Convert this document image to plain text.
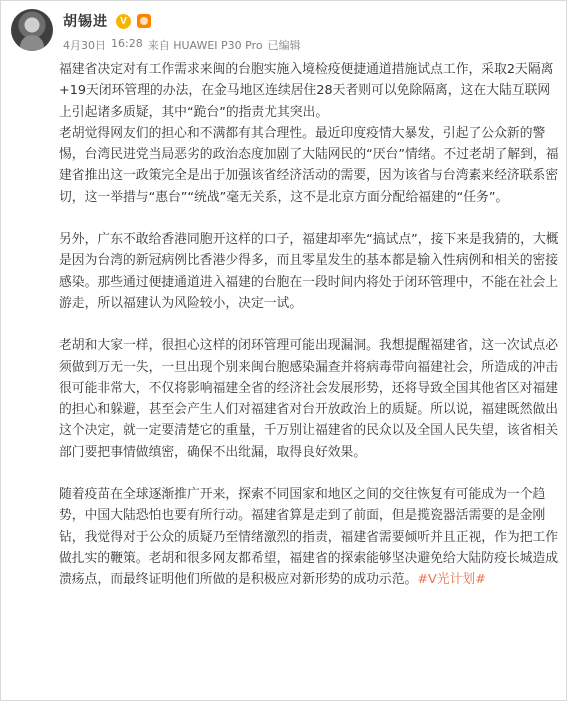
胡锡进	V
4月30日 16:28 来自 HUAWEI P30 Pro 已编辑

福建省决定对有工作需求来闽的台胞实施入境检疫便捷通道措施试点工作，采取2天隔离+19天闭环管理的办法，在金马地区连续居住28天者则可以免除隔离，这在大陆互联网上引起诸多质疑，其中“跪台”的指责尤其突出。

老胡觉得网友们的担心和不满都有其合理性。最近印度疫情大暴发，引起了公众新的警惕，台湾民进党当局恶劣的政治态度加剧了大陆网民的“厌台”情绪。不过老胡了解到，福建省推出这一政策完全是出于加强该省经济活动的需要，因为该省与台湾素来经济联系密切，这一举措与“惠台”“统战”毫无关系，这不是北京方面分配给福建的“任务”。

另外，广东不敢给香港同胞开这样的口子，福建却率先“搞试点”，接下来是我猜的，大概是因为台湾的新冠病例比香港少得多，而且零星发生的基本都是输入性病例和相关的密接感染。那些通过便捷通道进入福建的台胞在一段时间内将处于闭环管理中，不能在社会上游走，所以福建认为风险较小，决定一试。

老胡和大家一样，很担心这样的闭环管理可能出现漏洞。我想提醒福建省，这一次试点必须做到万无一失，一旦出现个别来闽台胞感染漏查并将病毒带向福建社会，所造成的冲击很可能非常大，不仅将影响福建全省的经济社会发展形势，还将导致全国其他省区对福建的担心和躲避，甚至会产生人们对福建省对台开放政治上的质疑。所以说，福建既然做出这个决定，就一定要清楚它的重量，千万别让福建省的民众以及全国人民失望，该省相关部门要把事情做缜密，确保不出纰漏，取得良好效果。

随着疫苗在全球逐渐推广开来，探索不同国家和地区之间的交往恢复有可能成为一个趋势，中国大陆恐怕也要有所行动。福建省算是走到了前面，但是揽瓷器活需要的是金刚钻，我觉得对于公众的质疑乃至情绪激烈的指责，福建省需要倾听并且正视，作为把工作做扎实的鞭策。老胡和很多网友都希望，福建省的探索能够坚决避免给大陆防疫长城造成溃疡点，而最终证明他们所做的是积极应对新形势的成功示范。#V光计划#
